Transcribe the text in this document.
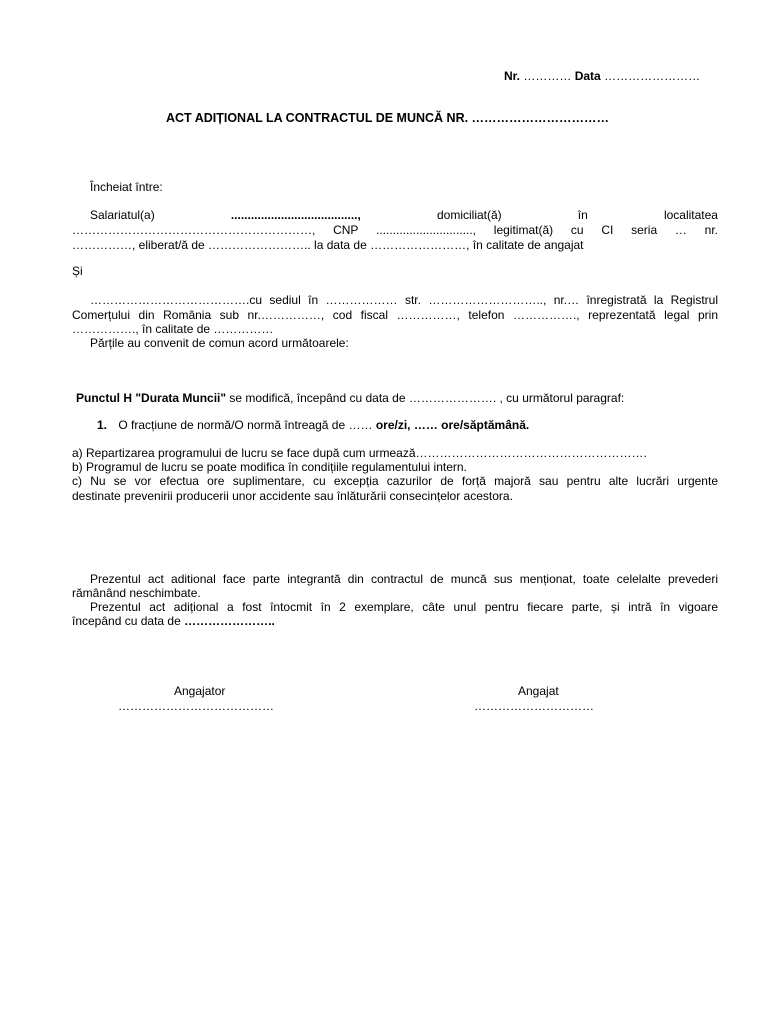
Nr. ………… Data ……………………
ACT ADIȚIONAL LA CONTRACTUL DE MUNCĂ NR. ……………………………
Încheiat între:
Salariatul(a)	......................................,	domiciliat(ă)	în	localitatea
……………………………………………………, CNP ............................., legitimat(ă) cu CI seria … nr.
……………, eliberat/ă de …………………….. la data de ……………………, în calitate de angajat
Și
………………………………….cu sediul în ……………… str. ……………………….., nr.… înregistrată la Registrul
Comerțului din România sub nr.……………, cod fiscal ……………, telefon ……………., reprezentată legal prin
……………., în calitate de ……………
Părțile au convenit de comun acord următoarele:
Punctul H "Durata Muncii" se modifică, începând cu data de …………………. , cu următorul paragraf:
1. O fracțiune de normă/O normă întreagă de …… ore/zi, …… ore/săptămână.
a) Repartizarea programului de lucru se face după cum urmează………………………………………………….
b) Programul de lucru se poate modifica în condițiile regulamentului intern.
c) Nu se vor efectua ore suplimentare, cu excepția cazurilor de forță majoră sau pentru alte lucrări urgente
destinate prevenirii producerii unor accidente sau înlăturării consecințelor acestora.
Prezentul act aditional face parte integrantă din contractul de muncă sus menționat, toate celelalte prevederi
rămânând neschimbate.
Prezentul act adițional a fost întocmit în 2 exemplare, câte unul pentru fiecare parte, și intră în vigoare
începând cu data de …………………..
Angajator
…………………………………
Angajat
…………………………
